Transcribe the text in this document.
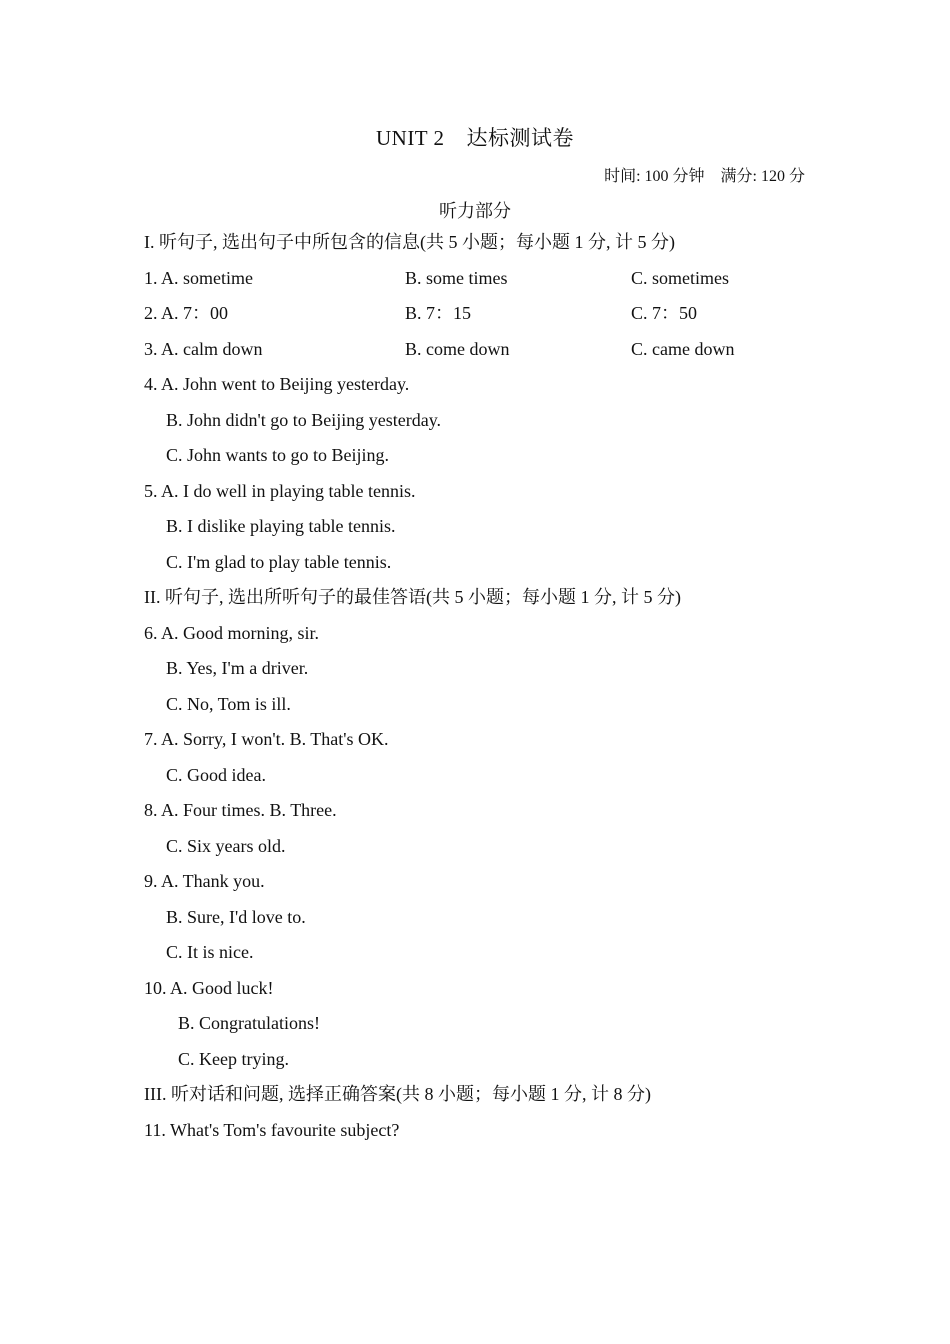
UNIT 2 达标测试卷
时间: 100 分钟    满分: 120 分
听力部分
I. 听句子, 选出句子中所包含的信息(共 5 小题；每小题 1 分, 计 5 分)
1. A. sometime	B. some times	C. sometimes
2. A. 7：00	B. 7：15	C. 7：50
3. A. calm down	B. come down	C. came down
4. A. John went to Beijing yesterday.
B. John didn't go to Beijing yesterday.
C. John wants to go to Beijing.
5. A. I do well in playing table tennis.
B. I dislike playing table tennis.
C. I'm glad to play table tennis.
II. 听句子, 选出所听句子的最佳答语(共 5 小题；每小题 1 分, 计 5 分)
6. A. Good morning, sir.
B. Yes, I'm a driver.
C. No, Tom is ill.
7. A. Sorry, I won't. B. That's OK.
C. Good idea.
8. A. Four times. B. Three.
C. Six years old.
9. A. Thank you.
B. Sure, I'd love to.
C. It is nice.
10. A. Good luck!
B. Congratulations!
C. Keep trying.
III. 听对话和问题, 选择正确答案(共 8 小题；每小题 1 分, 计 8 分)
11. What's Tom's favourite subject?
